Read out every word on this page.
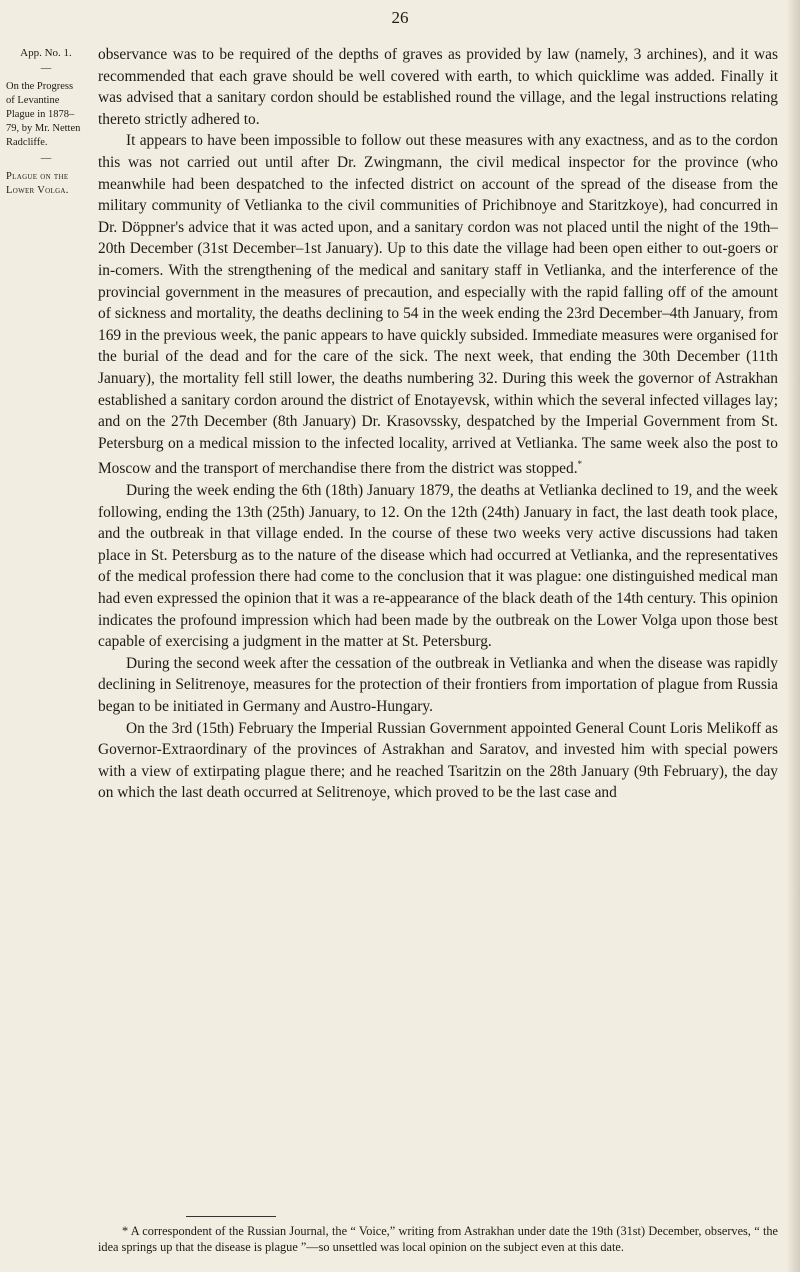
26
App. No. 1.
—
On the Progress
of Levantine
Plague in 1878–
79, by Mr. Netten
Radcliffe.
—
Plague on the
Lower Volga.

observance was to be required of the depths of graves as provided by law (namely, 3 archines), and it was recommended that each grave should be well covered with earth, to which quicklime was added. Finally it was advised that a sanitary cordon should be established round the village, and the legal instructions relating thereto strictly adhered to.

It appears to have been impossible to follow out these measures with any exactness, and as to the cordon this was not carried out until after Dr. Zwingmann, the civil medical inspector for the province (who meanwhile had been despatched to the infected district on account of the spread of the disease from the military community of Vetlianka to the civil communities of Prichibnoye and Staritzkoye), had concurred in Dr. Döppner's advice that it was acted upon, and a sanitary cordon was not placed until the night of the 19th–20th December (31st December–1st January). Up to this date the village had been open either to out-goers or in-comers. With the strengthening of the medical and sanitary staff in Vetlianka, and the interference of the provincial government in the measures of precaution, and especially with the rapid falling off of the amount of sickness and mortality, the deaths declining to 54 in the week ending the 23rd December–4th January, from 169 in the previous week, the panic appears to have quickly subsided. Immediate measures were organised for the burial of the dead and for the care of the sick. The next week, that ending the 30th December (11th January), the mortality fell still lower, the deaths numbering 32. During this week the governor of Astrakhan established a sanitary cordon around the district of Enotayevsk, within which the several infected villages lay; and on the 27th December (8th January) Dr. Krasovssky, despatched by the Imperial Government from St. Petersburg on a medical mission to the infected locality, arrived at Vetlianka. The same week also the post to Moscow and the transport of merchandise there from the district was stopped.*

During the week ending the 6th (18th) January 1879, the deaths at Vetlianka declined to 19, and the week following, ending the 13th (25th) January, to 12. On the 12th (24th) January in fact, the last death took place, and the outbreak in that village ended. In the course of these two weeks very active discussions had taken place in St. Petersburg as to the nature of the disease which had occurred at Vetlianka, and the representatives of the medical profession there had come to the conclusion that it was plague: one distinguished medical man had even expressed the opinion that it was a re-appearance of the black death of the 14th century. This opinion indicates the profound impression which had been made by the outbreak on the Lower Volga upon those best capable of exercising a judgment in the matter at St. Petersburg.

During the second week after the cessation of the outbreak in Vetlianka and when the disease was rapidly declining in Selitrenoye, measures for the protection of their frontiers from importation of plague from Russia began to be initiated in Germany and Austro-Hungary.

On the 3rd (15th) February the Imperial Russian Government appointed General Count Loris Melikoff as Governor-Extraordinary of the provinces of Astrakhan and Saratov, and invested him with special powers with a view of extirpating plague there; and he reached Tsaritzin on the 28th January (9th February), the day on which the last death occurred at Selitrenoye, which proved to be the last case and

* A correspondent of the Russian Journal, the “ Voice,” writing from Astrakhan under date the 19th (31st) December, observes, “ the idea springs up that the disease is plague ”—so unsettled was local opinion on the subject even at this date.
